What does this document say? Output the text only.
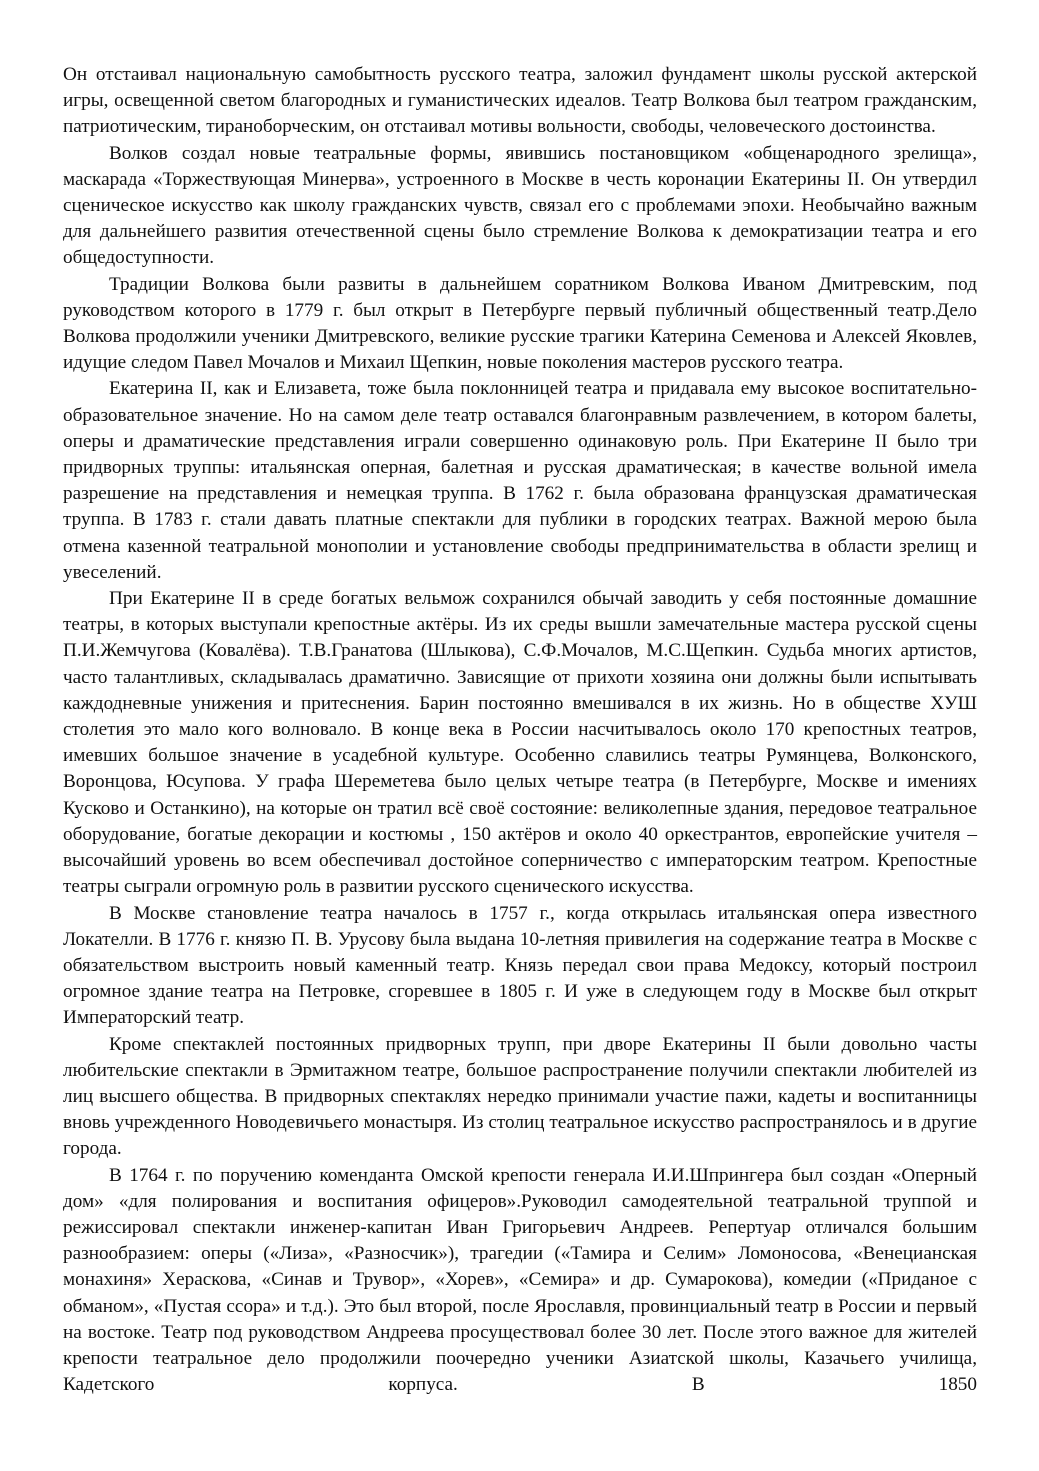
Он отстаивал национальную самобытность русского театра, заложил фундамент школы русской актерской игры, освещенной светом благородных и гуманистических идеалов. Театр Волкова был театром гражданским, патриотическим, тираноборческим, он отстаивал мотивы вольности, свободы, человеческого достоинства.

Волков создал новые театральные формы, явившись постановщиком «общенародного зрелища», маскарада «Торжествующая Минерва», устроенного в Москве в честь коронации Екатерины II. Он утвердил сценическое искусство как школу гражданских чувств, связал его с проблемами эпохи. Необычайно важным для дальнейшего развития отечественной сцены было стремление Волкова к демократизации театра и его общедоступности.

Традиции Волкова были развиты в дальнейшем соратником Волкова Иваном Дмитревским, под руководством которого в 1779 г. был открыт в Петербурге первый публичный общественный театр.Дело Волкова продолжили ученики Дмитревского, великие русские трагики Катерина Семенова и Алексей Яковлев, идущие следом Павел Мочалов и Михаил Щепкин, новые поколения мастеров русского театра.

Екатерина II, как и Елизавета, тоже была поклонницей театра и придавала ему высокое воспитательно-образовательное значение. Но на самом деле театр оставался благонравным развлечением, в котором балеты, оперы и драматические представления играли совершенно одинаковую роль. При Екатерине II было три придворных труппы: итальянская оперная, балетная и русская драматическая; в качестве вольной имела разрешение на представления и немецкая труппа. В 1762 г. была образована французская драматическая труппа. В 1783 г. стали давать платные спектакли для публики в городских театрах. Важной мерою была отмена казенной театральной монополии и установление свободы предпринимательства в области зрелищ и увеселений.

При Екатерине II в среде богатых вельмож сохранился обычай заводить у себя постоянные домашние театры, в которых выступали крепостные актёры. Из их среды вышли замечательные мастера русской сцены П.И.Жемчугова (Ковалёва). Т.В.Гранатова (Шлыкова), С.Ф.Мочалов, М.С.Щепкин. Судьба многих артистов, часто талантливых, складывалась драматично. Зависящие от прихоти хозяина они должны были испытывать каждодневные унижения и притеснения. Барин постоянно вмешивался в их жизнь. Но в обществе ХУШ столетия это мало кого волновало. В конце века в России насчитывалось около 170 крепостных театров, имевших большое значение в усадебной культуре. Особенно славились театры Румянцева, Волконского, Воронцова, Юсупова. У графа Шереметева было целых четыре театра (в Петербурге, Москве и имениях Кусково и Останкино), на которые он тратил всё своё состояние: великолепные здания, передовое театральное оборудование, богатые декорации и костюмы , 150 актёров и около 40 оркестрантов, европейские учителя – высочайший уровень во всем обеспечивал достойное соперничество с императорским театром. Крепостные театры сыграли огромную роль в развитии русского сценического искусства.

В Москве становление театра началось в 1757 г., когда открылась итальянская опера известного Локателли. В 1776 г. князю П. В. Урусову была выдана 10-летняя привилегия на содержание театра в Москве с обязательством выстроить новый каменный театр. Князь передал свои права Медоксу, который построил огромное здание театра на Петровке, сгоревшее в 1805 г. И уже в следующем году в Москве был открыт Императорский театр.

Кроме спектаклей постоянных придворных трупп, при дворе Екатерины II были довольно часты любительские спектакли в Эрмитажном театре, большое распространение получили спектакли любителей из лиц высшего общества. В придворных спектаклях нередко принимали участие пажи, кадеты и воспитанницы вновь учрежденного Новодевичьего монастыря. Из столиц театральное искусство распространялось и в другие города.

В 1764 г. по поручению коменданта Омской крепости генерала И.И.Шпрингера был создан «Оперный дом» «для полирования и воспитания офицеров».Руководил самодеятельной театральной труппой и режиссировал спектакли инженер-капитан Иван Григорьевич Андреев. Репертуар отличался большим разнообразием: оперы («Лиза», «Разносчик»), трагедии («Тамира и Селим» Ломоносова, «Венецианская монахиня» Хераскова, «Синав и Трувор», «Хорев», «Семира» и др. Сумарокова), комедии («Приданое с обманом», «Пустая ссора» и т.д.). Это был второй, после Ярославля, провинциальный театр в России и первый на востоке. Театр под руководством Андреева просуществовал более 30 лет. После этого важное для жителей крепости театральное дело продолжили поочередно ученики Азиатской школы, Казачьего училища, Кадетского корпуса. В 1850
